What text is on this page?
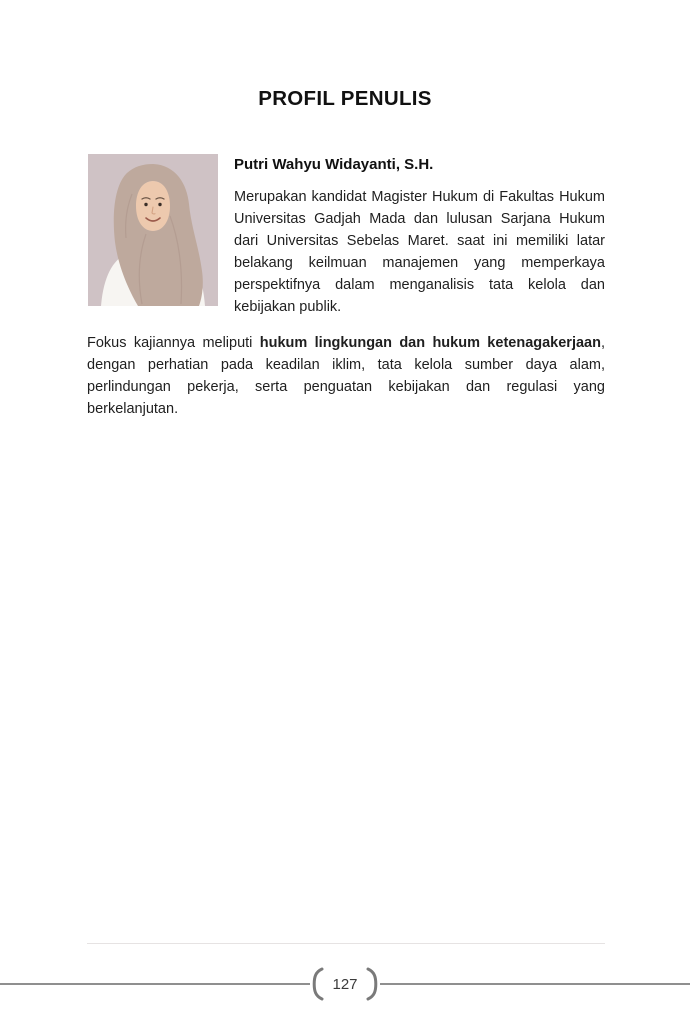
PROFIL PENULIS
Putri Wahyu Widayanti, S.H.

Merupakan kandidat Magister Hukum di Fakultas Hukum Universitas Gadjah Mada dan lulusan Sarjana Hukum dari Universitas Sebelas Maret. saat ini memiliki latar belakang keilmuan manajemen yang memperkaya perspektifnya dalam menganalisis tata kelola dan kebijakan publik.

Fokus kajiannya meliputi hukum lingkungan dan hukum ketenagakerjaan, dengan perhatian pada keadilan iklim, tata kelola sumber daya alam, perlindungan pekerja, serta penguatan kebijakan dan regulasi yang berkelanjutan.

127
